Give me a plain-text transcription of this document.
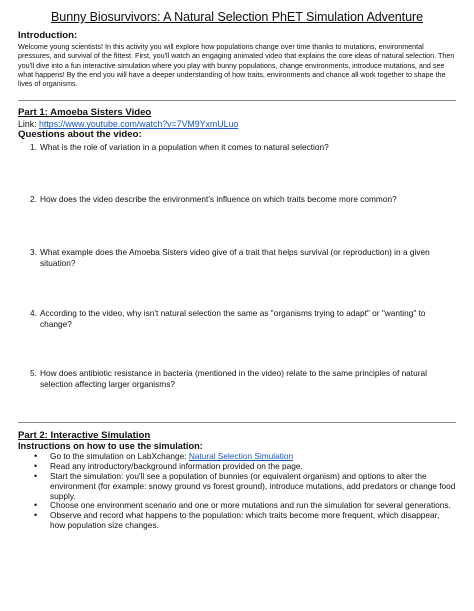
Bunny Biosurvivors: A Natural Selection PhET Simulation Adventure
Introduction:
Welcome young scientists! In this activity you will explore how populations change over time thanks to mutations, environmental pressures, and survival of the fittest. First, you'll watch an engaging animated video that explains the core ideas of natural selection. Then you'll dive into a fun interactive simulation where you play with bunny populations, change environments, introduce mutations, and see what happens! By the end you will have a deeper understanding of how traits, environments and chance all work together to shape the lives of organisms.
Part 1: Amoeba Sisters Video
Link: https://www.youtube.com/watch?v=7VM9YxmULuo
Questions about the video:
1. What is the role of variation in a population when it comes to natural selection?
2. How does the video describe the environment's influence on which traits become more common?
3. What example does the Amoeba Sisters video give of a trait that helps survival (or reproduction) in a given situation?
4. According to the video, why isn't natural selection the same as "organisms trying to adapt" or "wanting" to change?
5. How does antibiotic resistance in bacteria (mentioned in the video) relate to the same principles of natural selection affecting larger organisms?
Part 2: Interactive Simulation
Instructions on how to use the simulation:
• Go to the simulation on LabXchange: Natural Selection Simulation
• Read any introductory/background information provided on the page.
• Start the simulation: you'll see a population of bunnies (or equivalent organism) and options to alter the environment (for example: snowy ground vs forest ground), introduce mutations, add predators or change food supply.
• Choose one environment scenario and one or more mutations and run the simulation for several generations.
• Observe and record what happens to the population: which traits become more frequent, which disappear, how population size changes.
